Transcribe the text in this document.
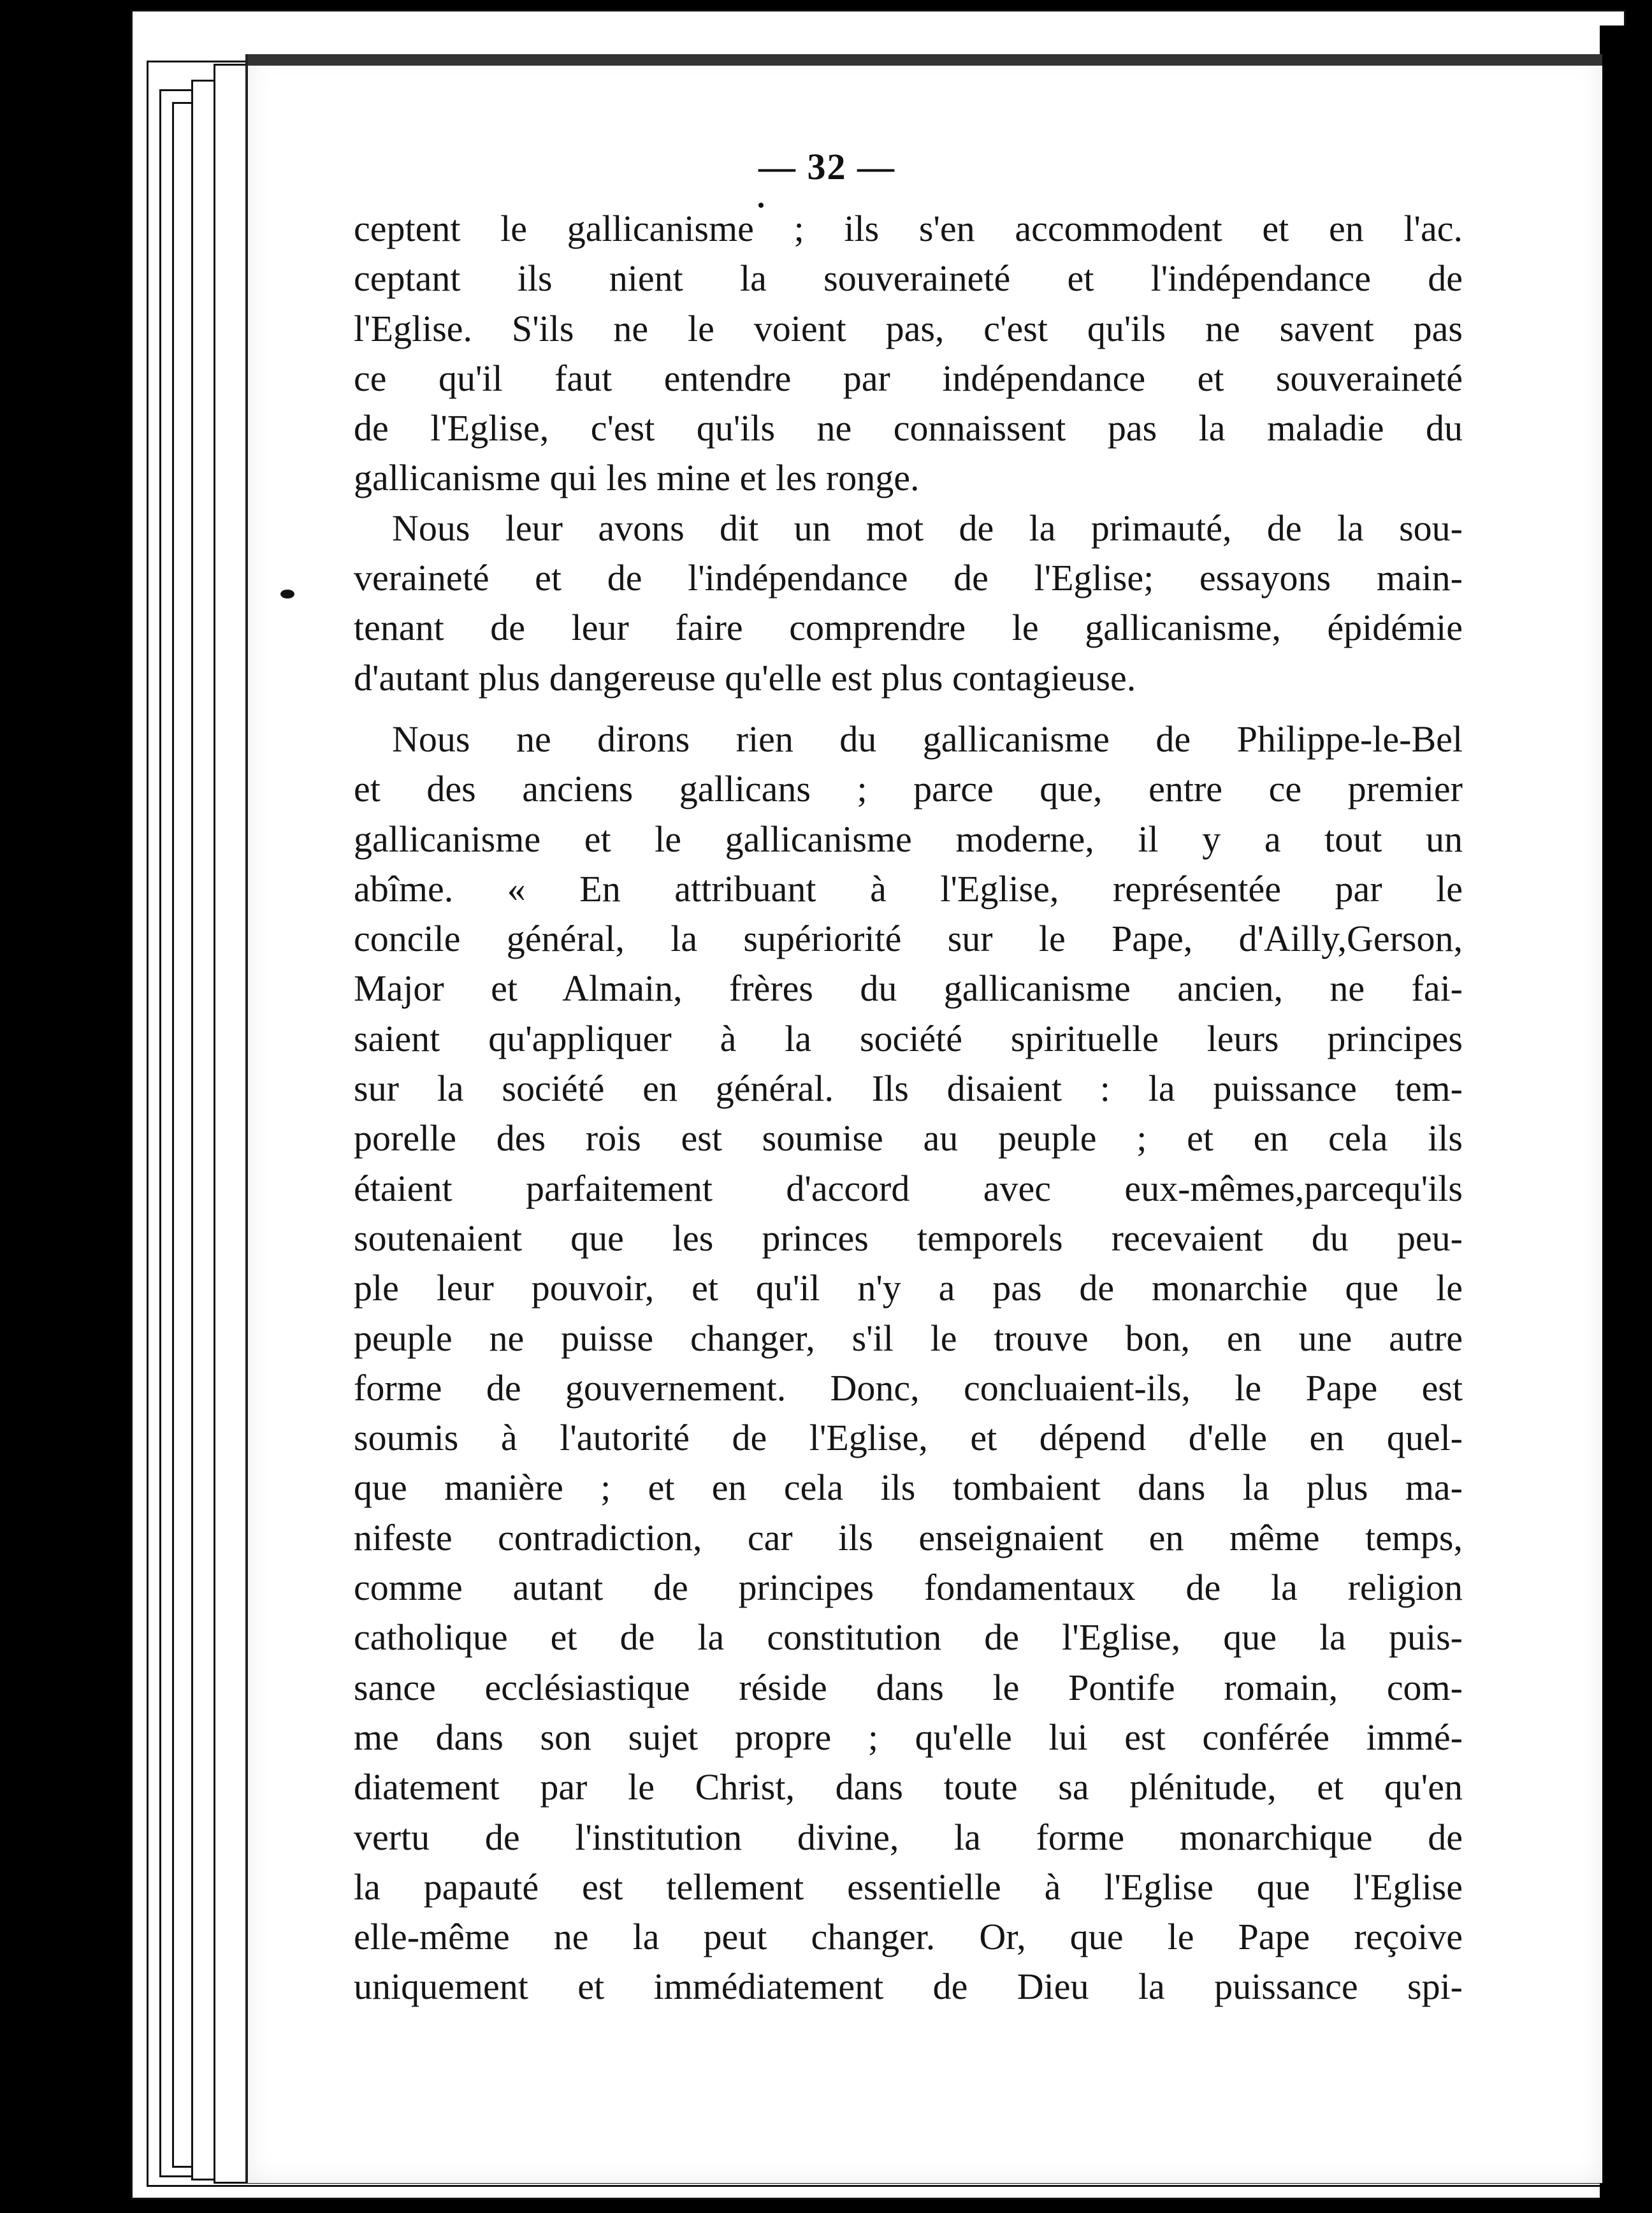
— 32 —
ceptent le gallicanisme ; ils s'en accommodent et en l'ac.
ceptant ils nient la souveraineté et l'indépendance de
l'Eglise. S'ils ne le voient pas, c'est qu'ils ne savent pas
ce qu'il faut entendre par indépendance et souveraineté
de l'Eglise, c'est qu'ils ne connaissent pas la maladie du
gallicanisme qui les mine et les ronge.
Nous leur avons dit un mot de la primauté, de la sou-
veraineté et de l'indépendance de l'Eglise; essayons main-
tenant de leur faire comprendre le gallicanisme, épidémie
d'autant plus dangereuse qu'elle est plus contagieuse.
Nous ne dirons rien du gallicanisme de Philippe-le-Bel
et des anciens gallicans ; parce que, entre ce premier
gallicanisme et le gallicanisme moderne, il y a tout un
abîme. « En attribuant à l'Eglise, représentée par le
concile général, la supériorité sur le Pape, d'Ailly,Gerson,
Major et Almain, frères du gallicanisme ancien, ne fai-
saient qu'appliquer à la société spirituelle leurs principes
sur la société en général. Ils disaient : la puissance tem-
porelle des rois est soumise au peuple ; et en cela ils
étaient parfaitement d'accord avec eux-mêmes,parcequ'ils
soutenaient que les princes temporels recevaient du peu-
ple leur pouvoir, et qu'il n'y a pas de monarchie que le
peuple ne puisse changer, s'il le trouve bon, en une autre
forme de gouvernement. Donc, concluaient-ils, le Pape est
soumis à l'autorité de l'Eglise, et dépend d'elle en quel-
que manière ; et en cela ils tombaient dans la plus ma-
nifeste contradiction, car ils enseignaient en même temps,
comme autant de principes fondamentaux de la religion
catholique et de la constitution de l'Eglise, que la puis-
sance ecclésiastique réside dans le Pontife romain, com-
me dans son sujet propre ; qu'elle lui est conférée immé-
diatement par le Christ, dans toute sa plénitude, et qu'en
vertu de l'institution divine, la forme monarchique de
la papauté est tellement essentielle à l'Eglise que l'Eglise
elle-même ne la peut changer. Or, que le Pape reçoive
uniquement et immédiatement de Dieu la puissance spi-
